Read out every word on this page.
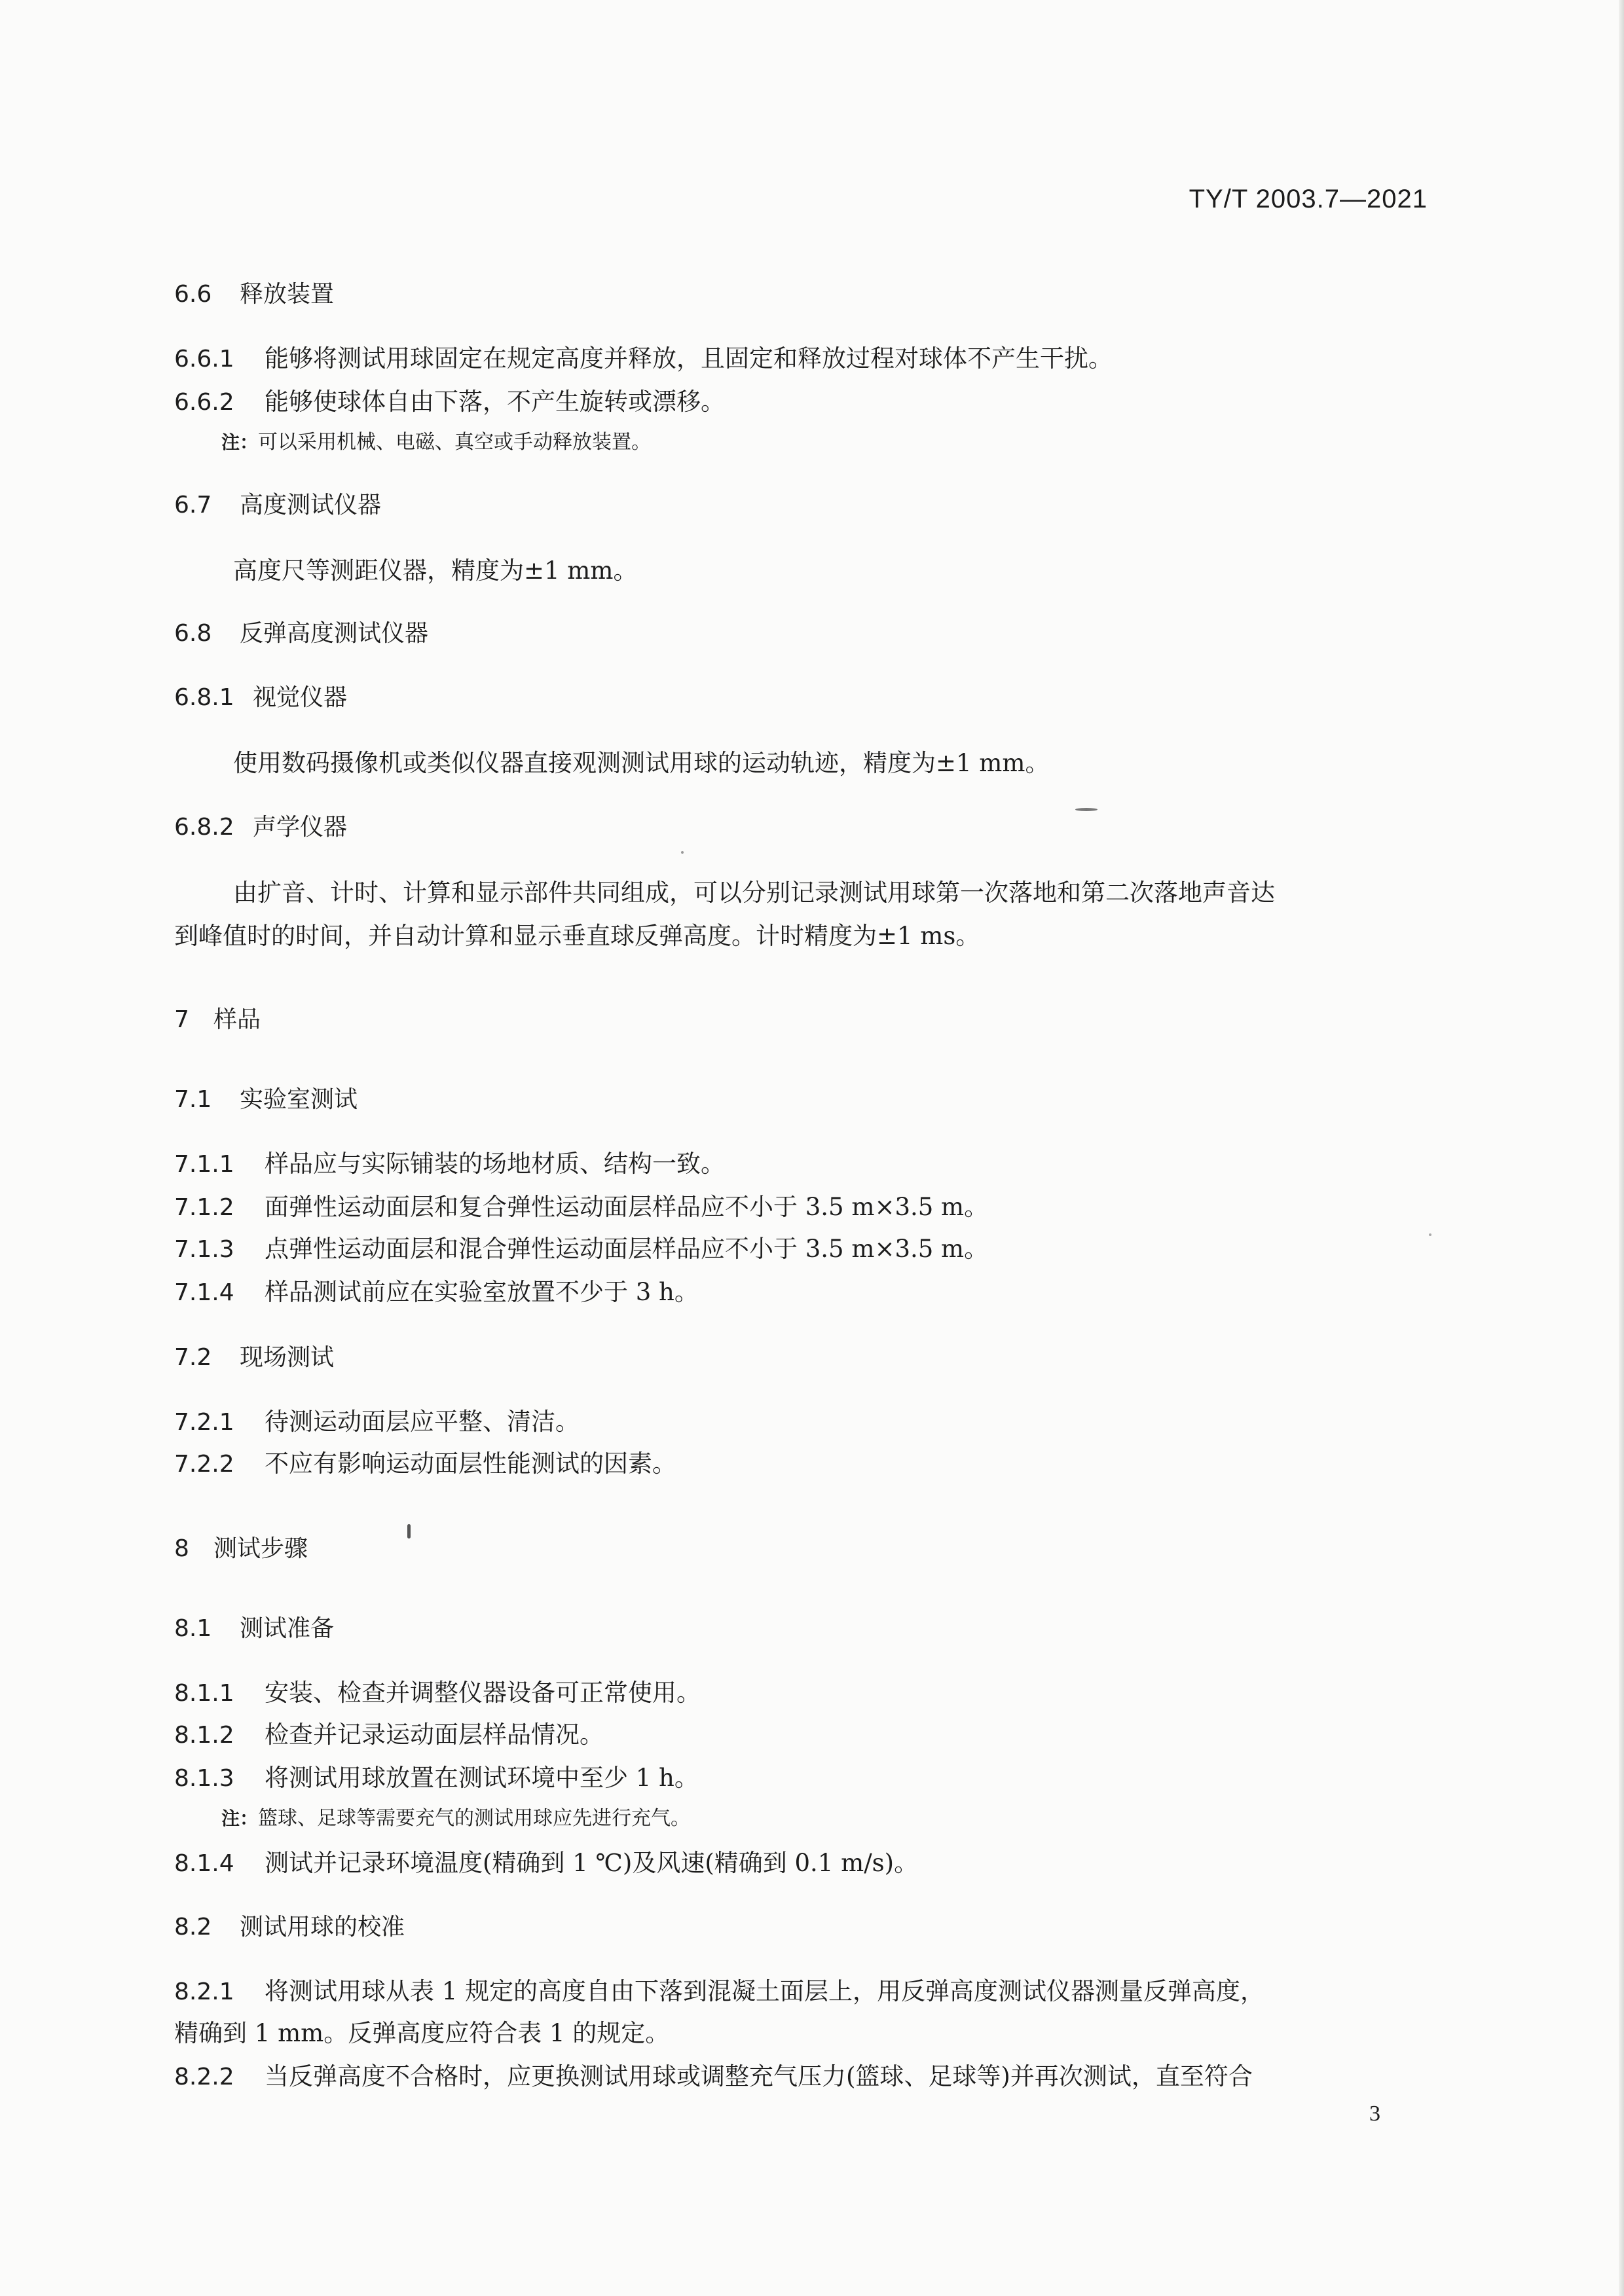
TY/T 2003.7—2021
6.6 释放装置
6.6.1 能够将测试用球固定在规定高度并释放，且固定和释放过程对球体不产生干扰。
6.6.2 能够使球体自由下落，不产生旋转或漂移。
注：可以采用机械、电磁、真空或手动释放装置。
6.7 高度测试仪器
高度尺等测距仪器，精度为±1 mm。
6.8 反弹高度测试仪器
6.8.1 视觉仪器
使用数码摄像机或类似仪器直接观测测试用球的运动轨迹，精度为±1 mm。
6.8.2 声学仪器
由扩音、计时、计算和显示部件共同组成，可以分别记录测试用球第一次落地和第二次落地声音达
到峰值时的时间，并自动计算和显示垂直球反弹高度。计时精度为±1 ms。
7 样品
7.1 实验室测试
7.1.1 样品应与实际铺装的场地材质、结构一致。
7.1.2 面弹性运动面层和复合弹性运动面层样品应不小于 3.5 m×3.5 m。
7.1.3 点弹性运动面层和混合弹性运动面层样品应不小于 3.5 m×3.5 m。
7.1.4 样品测试前应在实验室放置不少于 3 h。
7.2 现场测试
7.2.1 待测运动面层应平整、清洁。
7.2.2 不应有影响运动面层性能测试的因素。
8 测试步骤
8.1 测试准备
8.1.1 安装、检查并调整仪器设备可正常使用。
8.1.2 检查并记录运动面层样品情况。
8.1.3 将测试用球放置在测试环境中至少 1 h。
注：篮球、足球等需要充气的测试用球应先进行充气。
8.1.4 测试并记录环境温度(精确到 1 ℃)及风速(精确到 0.1 m/s)。
8.2 测试用球的校准
8.2.1 将测试用球从表 1 规定的高度自由下落到混凝土面层上，用反弹高度测试仪器测量反弹高度，
精确到 1 mm。反弹高度应符合表 1 的规定。
8.2.2 当反弹高度不合格时，应更换测试用球或调整充气压力(篮球、足球等)并再次测试，直至符合
3
